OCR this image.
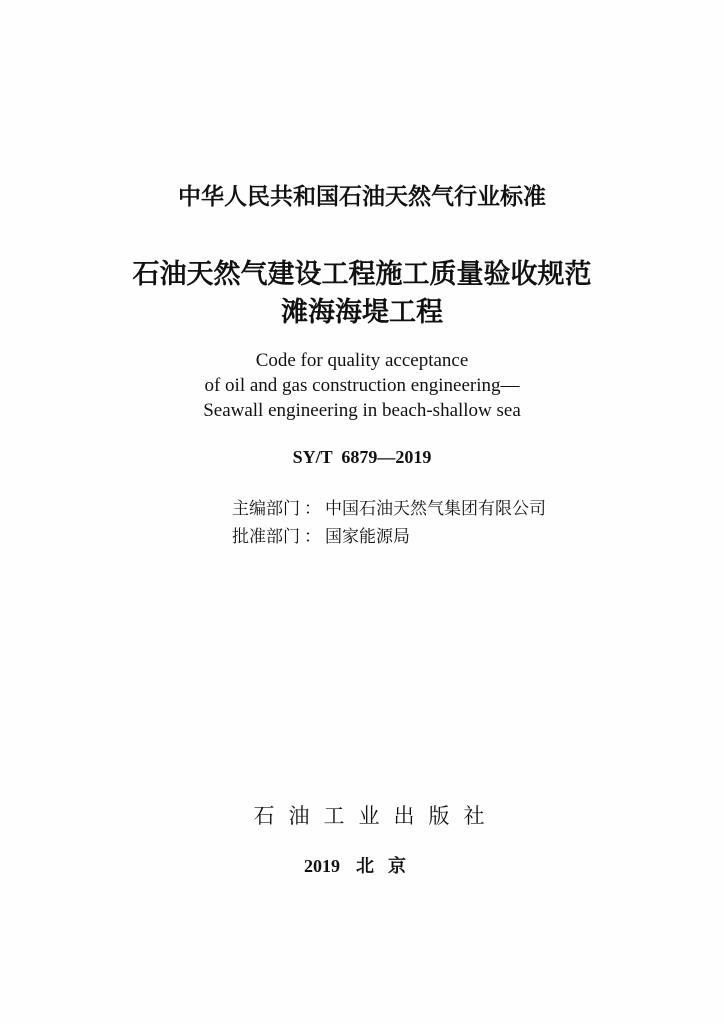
中华人民共和国石油天然气行业标准
石油天然气建设工程施工质量验收规范
滩海海堤工程
Code for quality acceptance
of oil and gas construction engineering—
Seawall engineering in beach-shallow sea
SY/T  6879—2019
主编部门 ： 中国石油天然气集团有限公司
批准部门 ： 国家能源局
石油工业出版社
2019 北京
